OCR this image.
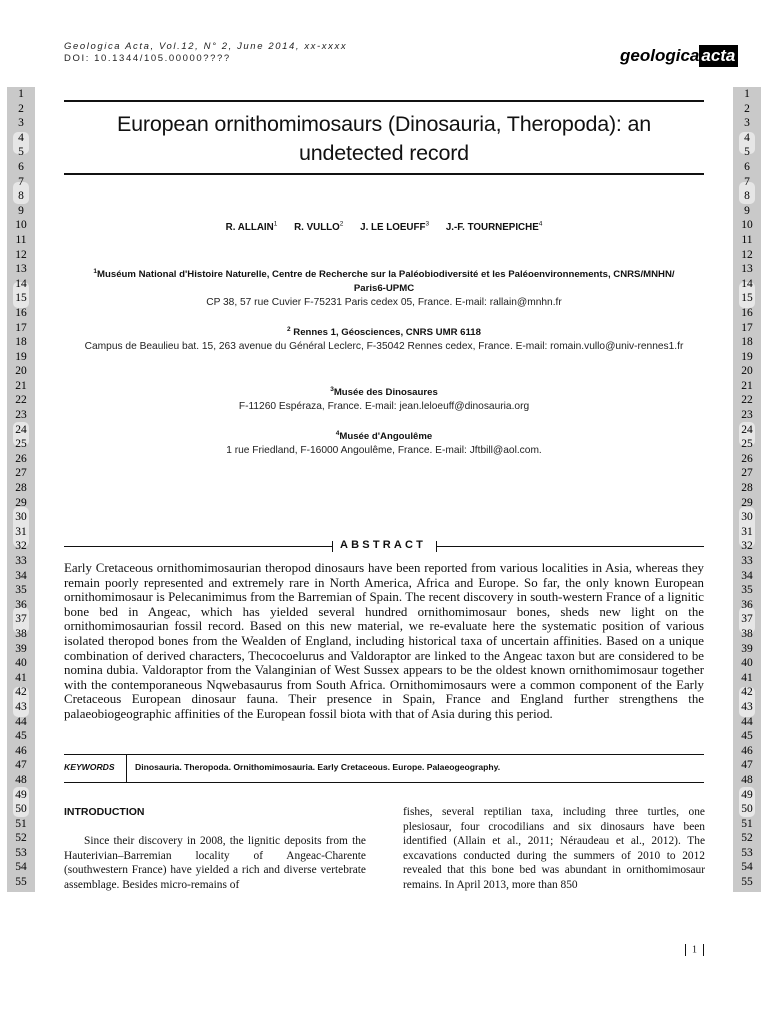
Geologica Acta, Vol.12, N° 2, June 2014, xx-xxxx
DOI: 10.1344/105.00000????	geologica acta
1
2
3
4
5
6
7
8
9
10
11
12
13
14
15
16
17
18
19
20
21
22
23
24
25
26
27
28
29
30
31
32
33
34
35
36
37
38
39
40
41
42
43
44
45
46
47
48
49
50
51
52
53
54
55
1
2
3
4
5
6
7
8
9
10
11
12
13
14
15
16
17
18
19
20
21
22
23
24
25
26
27
28
29
30
31
32
33
34
35
36
37
38
39
40
41
42
43
44
45
46
47
48
49
50
51
52
53
54
55
European ornithomimosaurs (Dinosauria, Theropoda): an
undetected record
R. ALLAIN$^1$ R. VULLO$^2$ J. LE LOEUFF$^3$ J.-F. TOURNEPICHE$^4$
$^1$Muséum National d'Histoire Naturelle, Centre de Recherche sur la Paléobiodiversité et les Paléoenvironnements, CNRS/MNHN/ Paris6-UPMC
CP 38, 57 rue Cuvier F-75231 Paris cedex 05, France. E-mail: rallain@mnhn.fr
$^2$ Rennes 1, Géosciences, CNRS UMR 6118
Campus de Beaulieu bat. 15, 263 avenue du Général Leclerc, F-35042 Rennes cedex, France. E-mail: romain.vullo@univ-rennes1.fr
$^3$Musée des Dinosaures
F-11260 Espéraza, France. E-mail: jean.leloeuff@dinosauria.org
$^4$Musée d'Angoulême
1 rue Friedland, F-16000 Angoulême, France. E-mail: Jftbill@aol.com.
ABSTRACT
Early Cretaceous ornithomimosaurian theropod dinosaurs have been reported from various localities in Asia, whereas they remain poorly represented and extremely rare in North America, Africa and Europe. So far, the only known European ornithomimosaur is Pelecanimimus from the Barremian of Spain. The recent discovery in south-western France of a lignitic bone bed in Angeac, which has yielded several hundred ornithomimosaur bones, sheds new light on the ornithomimosaurian fossil record. Based on this new material, we re-evaluate here the systematic position of various isolated theropod bones from the Wealden of England, including historical taxa of uncertain affinities. Based on a unique combination of derived characters, Thecocoelurus and Valdoraptor are linked to the Angeac taxon but are considered to be nomina dubia. Valdoraptor from the Valanginian of West Sussex appears to be the oldest known ornithomimosaur together with the contemporaneous Nqwebasaurus from South Africa. Ornithomimosaurs were a common component of the Early Cretaceous European dinosaur fauna. Their presence in Spain, France and England further strengthens the palaeobiogeographic affinities of the European fossil biota with that of Asia during this period.
KEYWORDS Dinosauria. Theropoda. Ornithomimosauria. Early Cretaceous. Europe. Palaeogeography.
INTRODUCTION
Since their discovery in 2008, the lignitic deposits from the Hauterivian–Barremian locality of Angeac-Charente (southwestern France) have yielded a rich and diverse vertebrate assemblage. Besides micro-remains of
fishes, several reptilian taxa, including three turtles, one plesiosaur, four crocodilians and six dinosaurs have been identified (Allain et al., 2011; Néraudeau et al., 2012). The excavations conducted during the summers of 2010 to 2012 revealed that this bone bed was abundant in ornithomimosaur remains. In April 2013, more than 850
1
